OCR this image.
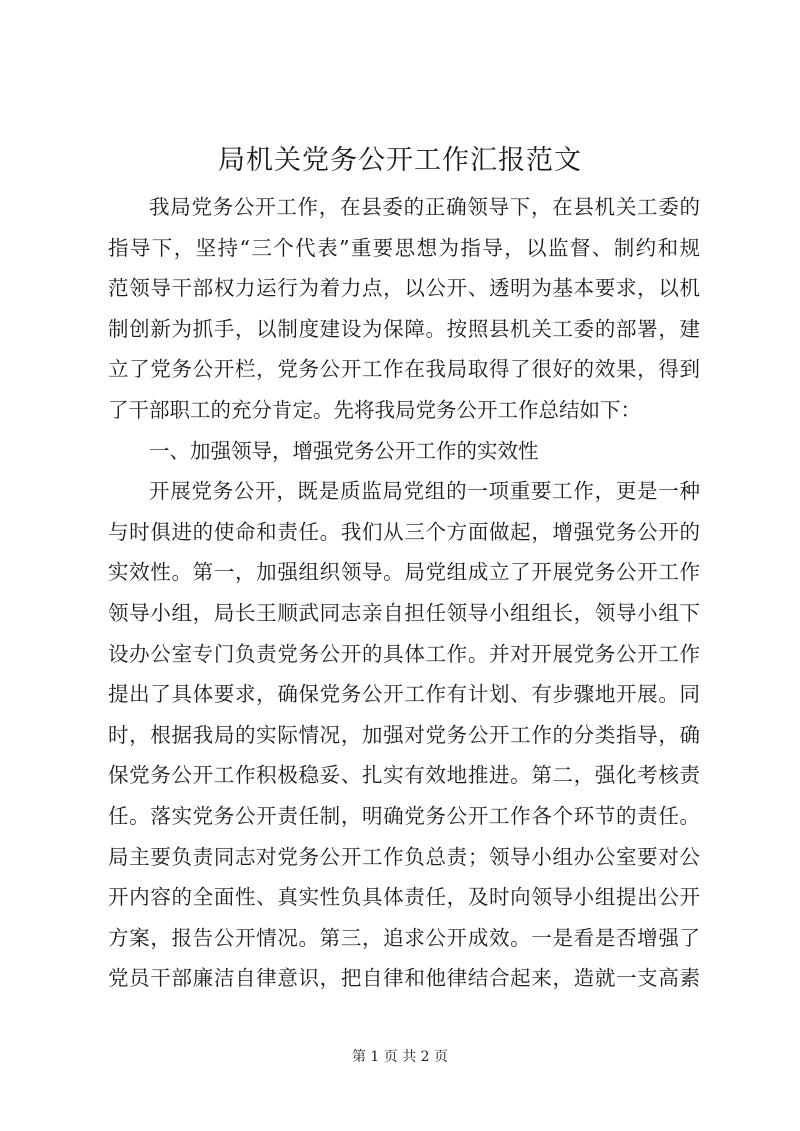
局机关党务公开工作汇报范文
我局党务公开工作，在县委的正确领导下，在县机关工委的
指导下，坚持“三个代表”重要思想为指导，以监督、制约和规
范领导干部权力运行为着力点，以公开、透明为基本要求，以机
制创新为抓手，以制度建设为保障。按照县机关工委的部署，建
立了党务公开栏，党务公开工作在我局取得了很好的效果，得到
了干部职工的充分肯定。先将我局党务公开工作总结如下：
一、加强领导，增强党务公开工作的实效性
开展党务公开，既是质监局党组的一项重要工作，更是一种
与时俱进的使命和责任。我们从三个方面做起，增强党务公开的
实效性。第一，加强组织领导。局党组成立了开展党务公开工作
领导小组，局长王顺武同志亲自担任领导小组组长，领导小组下
设办公室专门负责党务公开的具体工作。并对开展党务公开工作
提出了具体要求，确保党务公开工作有计划、有步骤地开展。同
时，根据我局的实际情况，加强对党务公开工作的分类指导，确
保党务公开工作积极稳妥、扎实有效地推进。第二，强化考核责
任。落实党务公开责任制，明确党务公开工作各个环节的责任。
局主要负责同志对党务公开工作负总责；领导小组办公室要对公
开内容的全面性、真实性负具体责任，及时向领导小组提出公开
方案，报告公开情况。第三，追求公开成效。一是看是否增强了
党员干部廉洁自律意识，把自律和他律结合起来，造就一支高素
第 1 页 共 2 页
